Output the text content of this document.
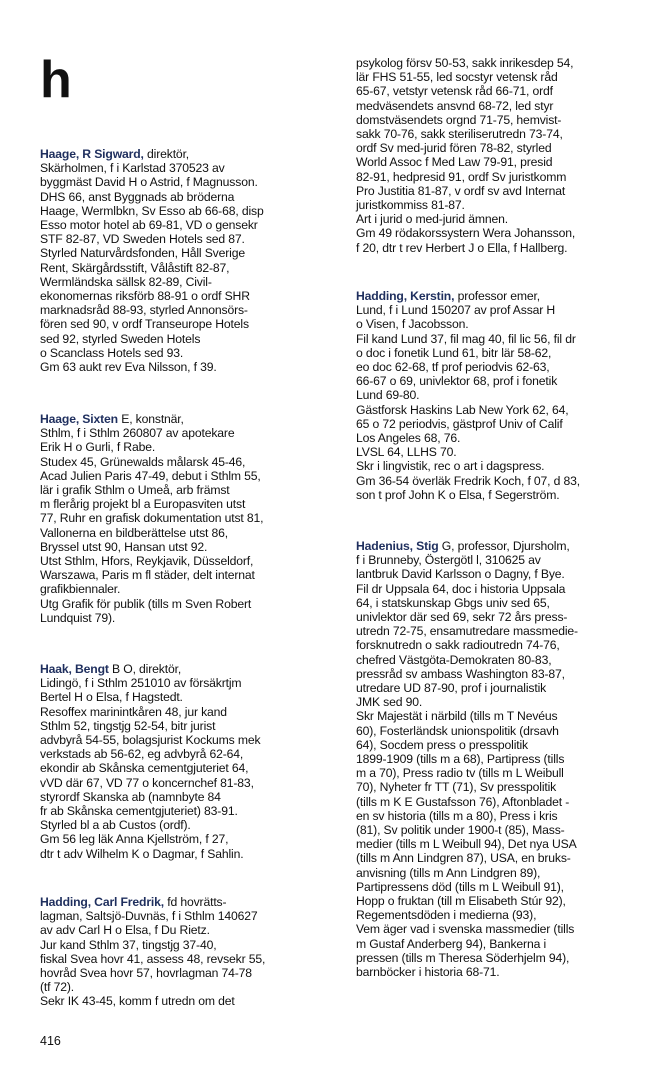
h

Haage, R Sigward, direktör,
Skärholmen, f i Karlstad 370523 av
byggmäst David H o Astrid, f Magnusson.
DHS 66, anst Byggnads ab bröderna
Haage, Wermlbkn, Sv Esso ab 66-68, disp
Esso motor hotel ab 69-81, VD o gensekr
STF 82-87, VD Sweden Hotels sed 87.
Styrled Naturvårdsfonden, Håll Sverige
Rent, Skärgårdsstift, Vålåstift 82-87,
Wermländska sällsk 82-89, Civil-
ekonomernas riksförb 88-91 o ordf SHR
marknadsråd 88-93, styrled Annonsörs-
fören sed 90, v ordf Transeurope Hotels
sed 92, styrled Sweden Hotels
o Scanclass Hotels sed 93.
Gm 63 aukt rev Eva Nilsson, f 39.

Haage, Sixten E, konstnär,
Sthlm, f i Sthlm 260807 av apotekare
Erik H o Gurli, f Rabe.
Studex 45, Grünewalds målarsk 45-46,
Acad Julien Paris 47-49, debut i Sthlm 55,
lär i grafik Sthlm o Umeå, arb främst
m flerårig projekt bl a Europasviten utst
77, Ruhr en grafisk dokumentation utst 81,
Vallonerna en bildberättelse utst 86,
Bryssel utst 90, Hansan utst 92.
Utst Sthlm, Hfors, Reykjavik, Düsseldorf,
Warszawa, Paris m fl städer, delt internat
grafikbiennaler.
Utg Grafik för publik (tills m Sven Robert
Lundquist 79).

Haak, Bengt B O, direktör,
Lidingö, f i Sthlm 251010 av försäkrtjm
Bertel H o Elsa, f Hagstedt.
Resoffex marinintkåren 48, jur kand
Sthlm 52, tingstjg 52-54, bitr jurist
advbyrå 54-55, bolagsjurist Kockums mek
verkstads ab 56-62, eg advbyrå 62-64,
ekondir ab Skånska cementgjuteriet 64,
vVD där 67, VD 77 o koncernchef 81-83,
styrordf Skanska ab (namnbyte 84
fr ab Skånska cementgjuteriet) 83-91.
Styrled bl a ab Custos (ordf).
Gm 56 leg läk Anna Kjellström, f 27,
dtr t adv Wilhelm K o Dagmar, f Sahlin.

Hadding, Carl Fredrik, fd hovrätts-
lagman, Saltsjö-Duvnäs, f i Sthlm 140627
av adv Carl H o Elsa, f Du Rietz.
Jur kand Sthlm 37, tingstjg 37-40,
fiskal Svea hovr 41, assess 48, revsekr 55,
hovråd Svea hovr 57, hovrlagman 74-78
(tf 72).
Sekr IK 43-45, komm f utredn om det

psykolog försv 50-53, sakk inrikesdep 54,
lär FHS 51-55, led socstyr vetensk råd
65-67, vetstyr vetensk råd 66-71, ordf
medväsendets ansvnd 68-72, led styr
domstväsendets orgnd 71-75, hemvist-
sakk 70-76, sakk steriliserutredn 73-74,
ordf Sv med-jurid fören 78-82, styrled
World Assoc f Med Law 79-91, presid
82-91, hedpresid 91, ordf Sv juristkomm
Pro Justitia 81-87, v ordf sv avd Internat
juristkommiss 81-87.
Art i jurid o med-jurid ämnen.
Gm 49 rödakorssystern Wera Johansson,
f 20, dtr t rev Herbert J o Ella, f Hallberg.

Hadding, Kerstin, professor emer,
Lund, f i Lund 150207 av prof Assar H
o Visen, f Jacobsson.
Fil kand Lund 37, fil mag 40, fil lic 56, fil dr
o doc i fonetik Lund 61, bitr lär 58-62,
eo doc 62-68, tf prof periodvis 62-63,
66-67 o 69, univlektor 68, prof i fonetik
Lund 69-80.
Gästforsk Haskins Lab New York 62, 64,
65 o 72 periodvis, gästprof Univ of Calif
Los Angeles 68, 76.
LVSL 64, LLHS 70.
Skr i lingvistik, rec o art i dagspress.
Gm 36-54 överläk Fredrik Koch, f 07, d 83,
son t prof John K o Elsa, f Segerström.

Hadenius, Stig G, professor, Djursholm,
f i Brunneby, Östergötl l, 310625 av
lantbruk David Karlsson o Dagny, f Bye.
Fil dr Uppsala 64, doc i historia Uppsala
64, i statskunskap Gbgs univ sed 65,
univlektor där sed 69, sekr 72 års press-
utredn 72-75, ensamutredare massmedie-
forsknutredn o sakk radioutredn 74-76,
chefred Västgöta-Demokraten 80-83,
pressråd sv ambass Washington 83-87,
utredare UD 87-90, prof i journalistik
JMK sed 90.
Skr Majestät i närbild (tills m T Nevéus
60), Fosterländsk unionspolitik (drsavh
64), Socdem press o presspolitik
1899-1909 (tills m a 68), Partipress (tills
m a 70), Press radio tv (tills m L Weibull
70), Nyheter fr TT (71), Sv presspolitik
(tills m K E Gustafsson 76), Aftonbladet -
en sv historia (tills m a 80), Press i kris
(81), Sv politik under 1900-t (85), Mass-
medier (tills m L Weibull 94), Det nya USA
(tills m Ann Lindgren 87), USA, en bruks-
anvisning (tills m Ann Lindgren 89),
Partipressens död (tills m L Weibull 91),
Hopp o fruktan (till m Elisabeth Stúr 92),
Regementsdöden i medierna (93),
Vem äger vad i svenska massmedier (tills
m Gustaf Anderberg 94), Bankerna i
pressen (tills m Theresa Söderhjelm 94),
barnböcker i historia 68-71.

416
